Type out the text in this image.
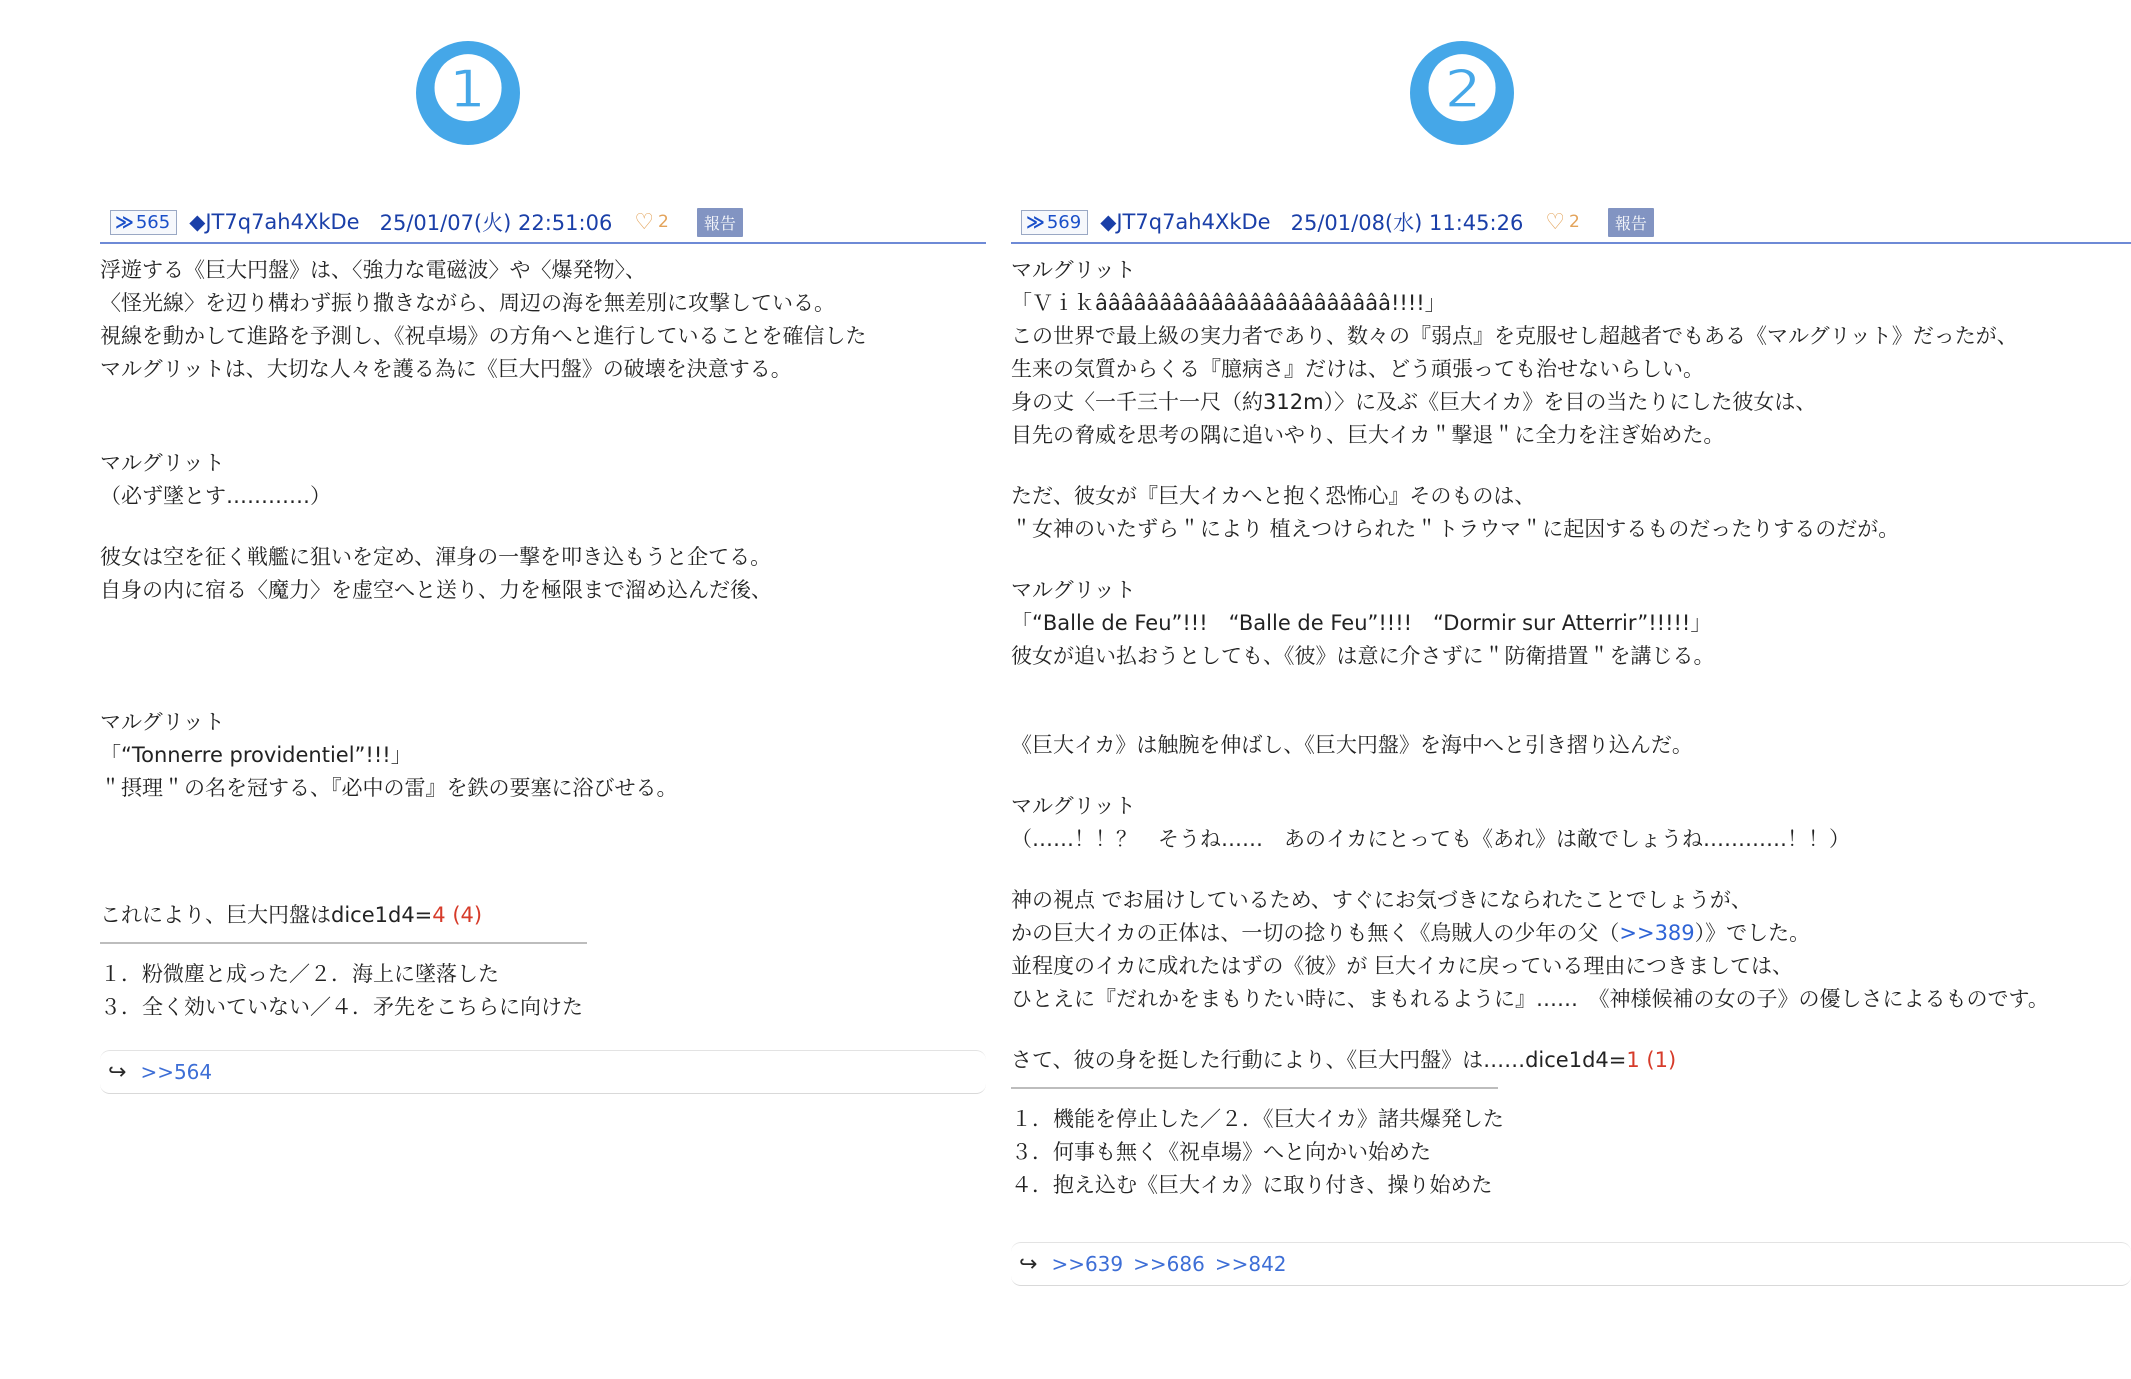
❶	❷
≫ 565 ◆JT7q7ah4XkDe 25/01/07(火) 22:51:06 ♡ 2	報告
浮遊する《巨大円盤》は、〈強力な電磁波〉や〈爆発物〉、
〈怪光線〉を辺り構わず振り撒きながら、周辺の海を無差別に攻撃している。
視線を動かして進路を予測し、《祝卓場》の方角へと進行していることを確信した
マルグリットは、大切な人々を護る為に《巨大円盤》の破壊を決意する。
マルグリット
（必ず墜とす…………）
彼女は空を征く戦艦に狙いを定め、渾身の一撃を叩き込もうと企てる。
自身の内に宿る〈魔力〉を虚空へと送り、力を極限まで溜め込んだ後、
マルグリット
「“Tonnerre providentiel”!!!」
＂摂理＂の名を冠する、『必中の雷』を鉄の要塞に浴びせる。
これにより、巨大円盤はdice1d4=4 (4)
１．粉微塵と成った／２．海上に墜落した
３．全く効いていない／４．矛先をこちらに向けた
↩ >>564
≫ 569 ◆JT7q7ah4XkDe 25/01/08(水) 11:45:26 ♡ 2	報告
マルグリット
「Ｖｉｋâââââââââââââââââââââââ!!!!」
この世界で最上級の実力者であり、数々の『弱点』を克服せし超越者でもある《マルグリット》だったが、
生来の気質からくる『臆病さ』だけは、どう頑張っても治せないらしい。
身の丈〈一千三十一尺（約312m）〉に及ぶ《巨大イカ》を目の当たりにした彼女は、
目先の脅威を思考の隅に追いやり、巨大イカ＂撃退＂に全力を注ぎ始めた。
ただ、彼女が『巨大イカへと抱く恐怖心』そのものは、
＂女神のいたずら＂により 植えつけられた＂トラウマ＂に起因するものだったりするのだが。
マルグリット
「“Balle de Feu”!!!　“Balle de Feu”!!!!　“Dormir sur Atterrir”!!!!!」
彼女が追い払おうとしても、《彼》は意に介さずに＂防衛措置＂を講じる。
《巨大イカ》は触腕を伸ばし、《巨大円盤》を海中へと引き摺り込んだ。
マルグリット
（……！！？　そうね……　あのイカにとっても《あれ》は敵でしょうね…………！！）
神の視点 でお届けしているため、すぐにお気づきになられたことでしょうが、
かの巨大イカの正体は、一切の捻りも無く《烏賊人の少年の父（>>389）》でした。
並程度のイカに成れたはずの《彼》が 巨大イカに戻っている理由につきましては、
ひとえに『だれかをまもりたい時に、まもれるように』……　《神様候補の女の子》の優しさによるものです。
さて、彼の身を挺した行動により、《巨大円盤》は……dice1d4=1 (1)
１．機能を停止した／２．《巨大イカ》諸共爆発した
３．何事も無く《祝卓場》へと向かい始めた
４．抱え込む《巨大イカ》に取り付き、操り始めた
↩ >>639 >>686 >>842
